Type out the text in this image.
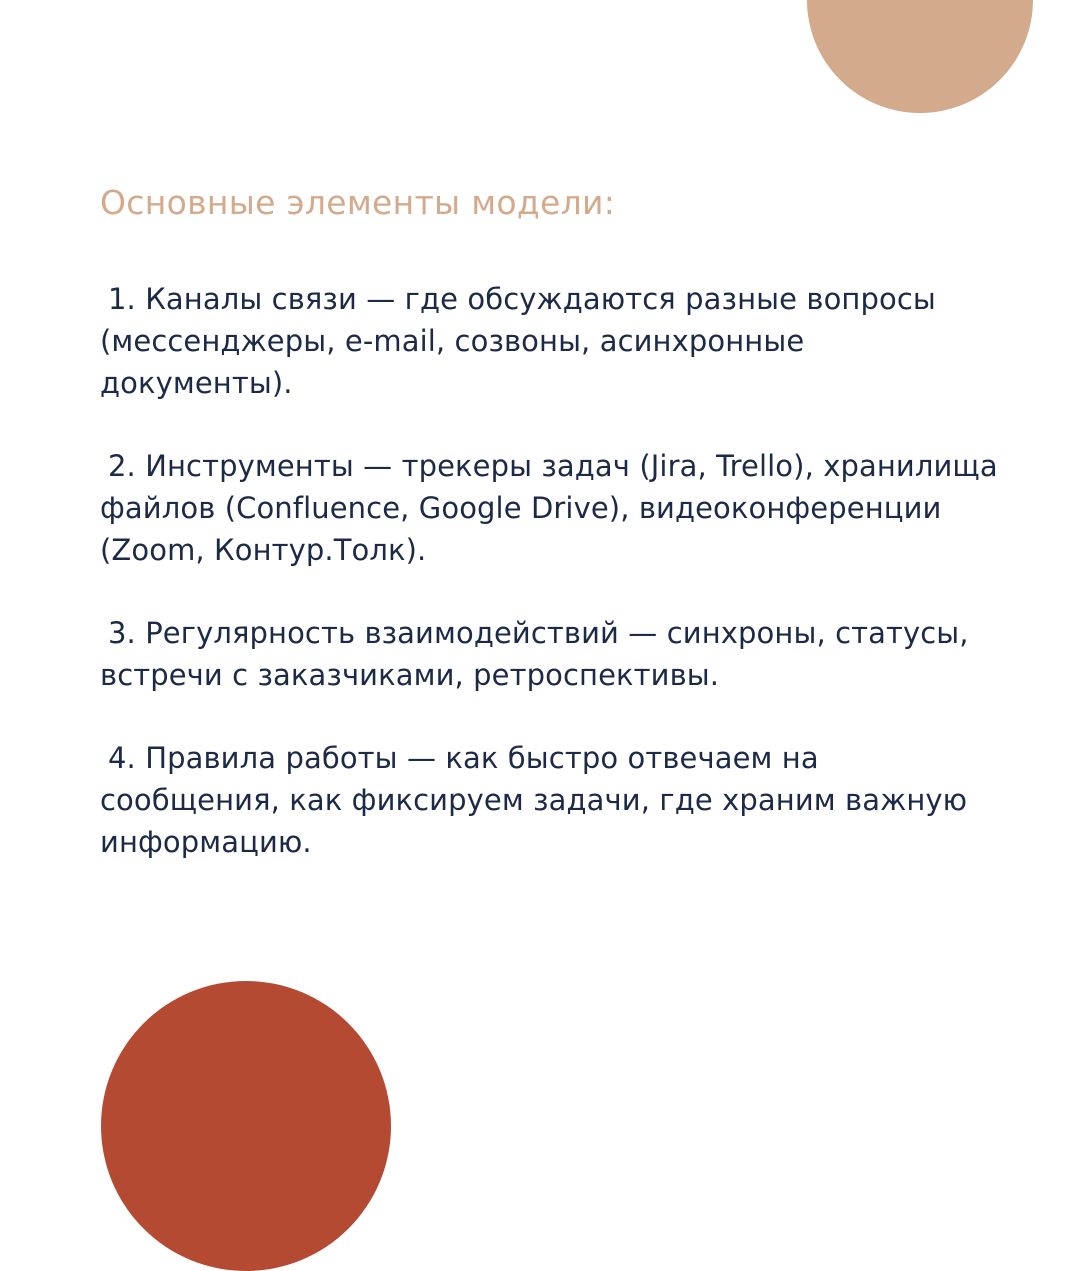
Основные элементы модели:

1. Каналы связи — где обсуждаются разные вопросы (мессенджеры, e-mail, созвоны, асинхронные документы).

2. Инструменты — трекеры задач (Jira, Trello), хранилища файлов (Confluence, Google Drive), видеоконференции (Zoom, Контур.Толк).

3. Регулярность взаимодействий — синхроны, статусы, встречи с заказчиками, ретроспективы.

4. Правила работы — как быстро отвечаем на сообщения, как фиксируем задачи, где храним важную информацию.
